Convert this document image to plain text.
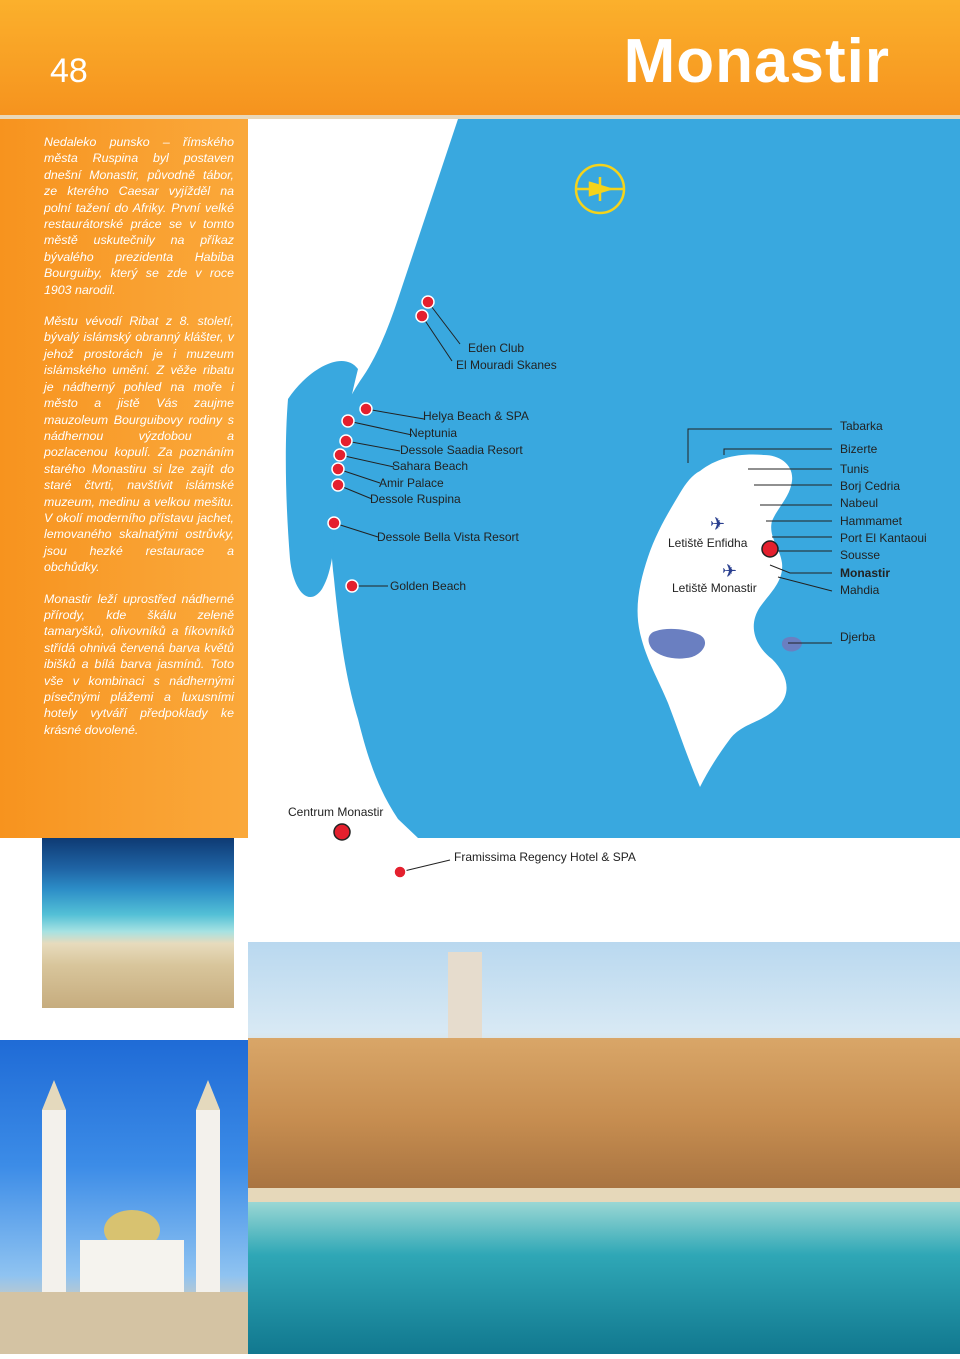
48	Monastir

Nedaleko punsko – římského města Ruspina byl postaven dnešní Monastir, původně tábor, ze kterého Caesar vyjížděl na polní tažení do Afriky. První velké restaurátorské práce se v tomto městě uskutečnily na příkaz bývalého prezidenta Habiba Bourguiby, který se zde v roce 1903 narodil.

Městu vévodí Ribat z 8. století, bývalý islámský obranný klášter, v jehož prostorách je i muzeum islámského umění. Z věže ribatu je nádherný pohled na moře i město a jistě Vás zaujme mauzoleum Bourguibovy rodiny s nádhernou výzdobou a pozlacenou kopulí. Za poznáním starého Monastiru si lze zajít do staré čtvrti, navštívit islámské muzeum, medinu a velkou mešitu. V okolí moderního přístavu jachet, lemovaného skalnatými ostrůvky, jsou hezké restaurace a obchůdky.

Monastir leží uprostřed nádherné přírody, kde škálu zeleně tamaryšků, olivovníků a fíkovníků střídá ohnivá červená barva květů ibišků a bílá barva jasmínů. Toto vše v kombinaci s nádhernými písečnými plážemi a luxusními hotely vytváří předpoklady ke krásné dovolené.

Eden Club
El Mouradi Skanes
Helya Beach & SPA
Neptunia
Dessole Saadia Resort
Sahara Beach
Amir Palace
Dessole Ruspina
Dessole Bella Vista Resort
Golden Beach
Letiště Enfidha
Letiště Monastir
✈
✈
Tabarka
Bizerte
Tunis
Borj Cedria
Nabeul
Hammamet
Port El Kantaoui
Sousse
Monastir
Mahdia
Djerba
Centrum Monastir
Framissima Regency Hotel & SPA
